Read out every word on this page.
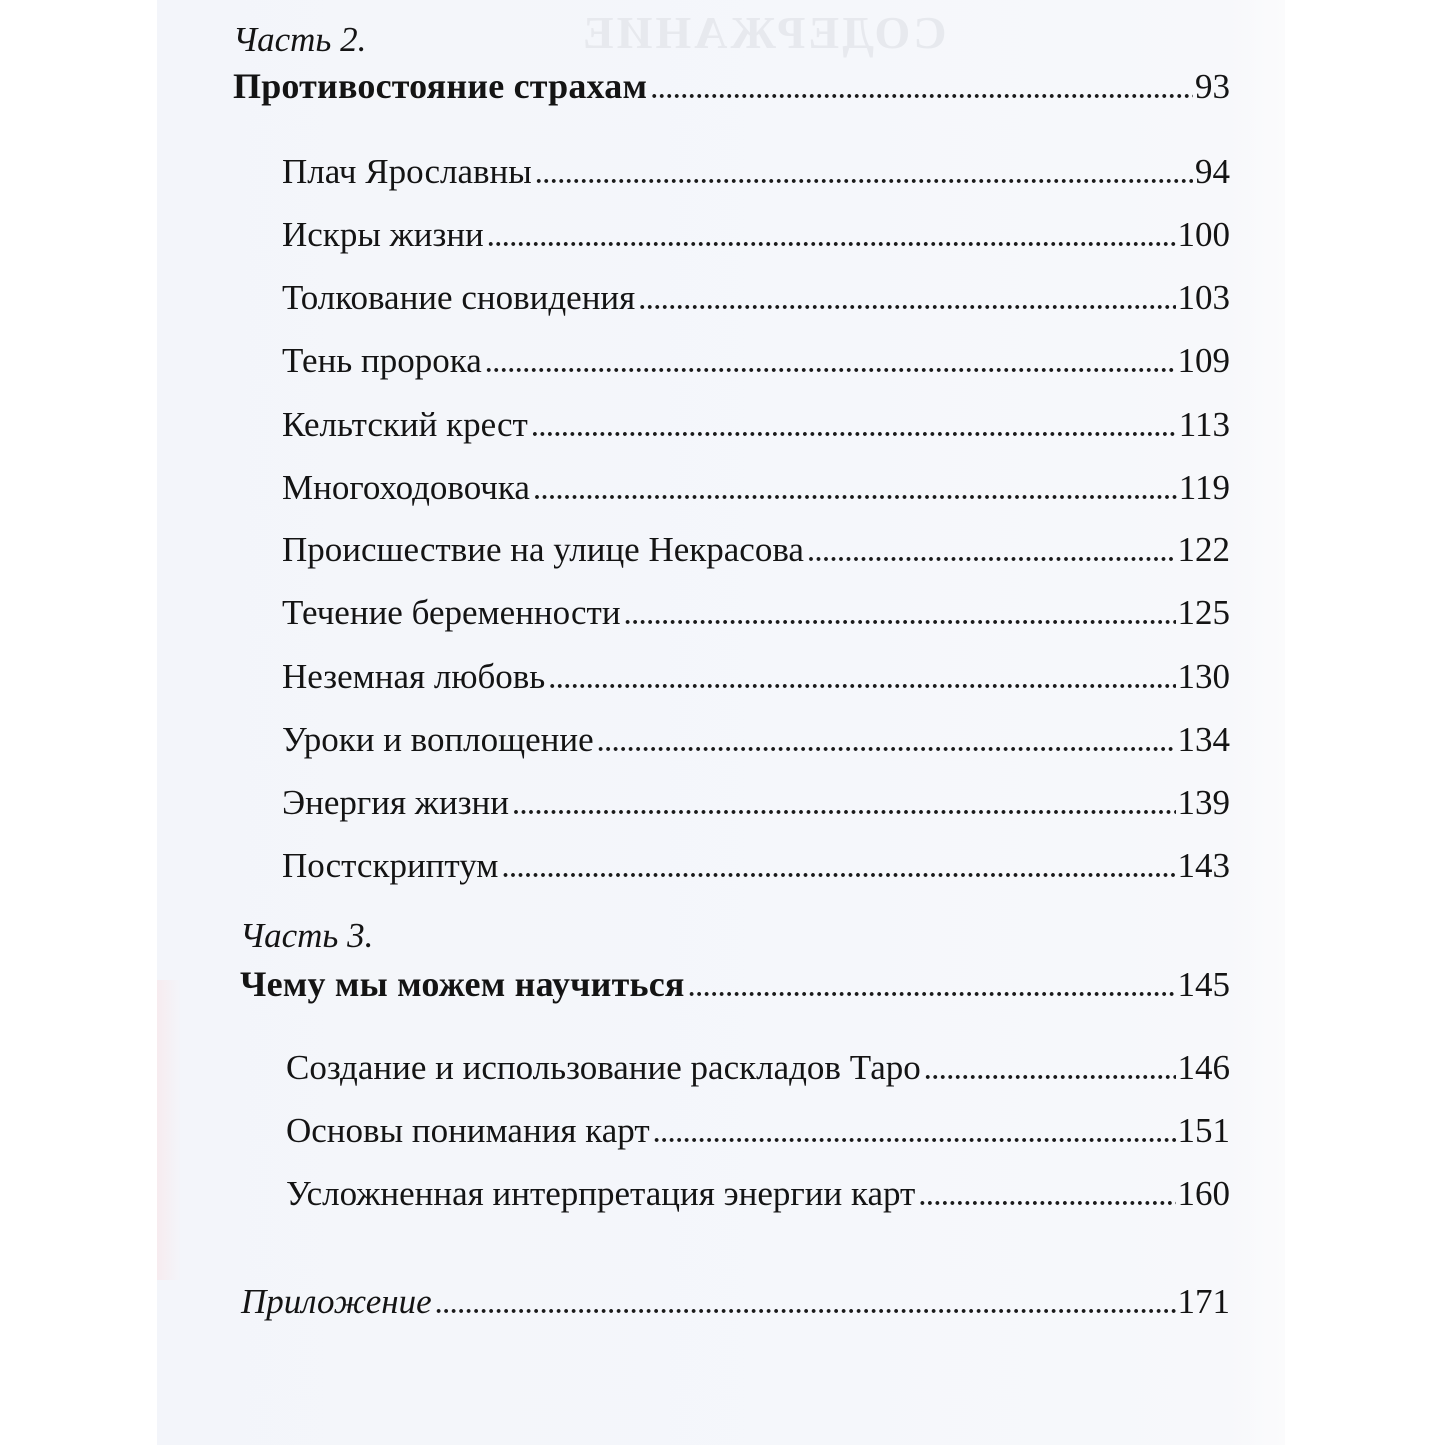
СОДЕРЖАНИЕ
Часть 2.
Противостояние страхам .....	93
Плач Ярославны .....	94
Искры жизни .....	100
Толкование сновидения .....	103
Тень пророка .....	109
Кельтский крест .....	113
Многоходовочка .....	119
Происшествие на улице Некрасова .....	122
Течение беременности .....	125
Неземная любовь .....	130
Уроки и воплощение .....	134
Энергия жизни .....	139
Постскриптум .....	143
Часть 3.
Чему мы можем научиться .....	145
Создание и использование раскладов Таро .....	146
Основы понимания карт .....	151
Усложненная интерпретация энергии карт .....	160
Приложение .....	171
